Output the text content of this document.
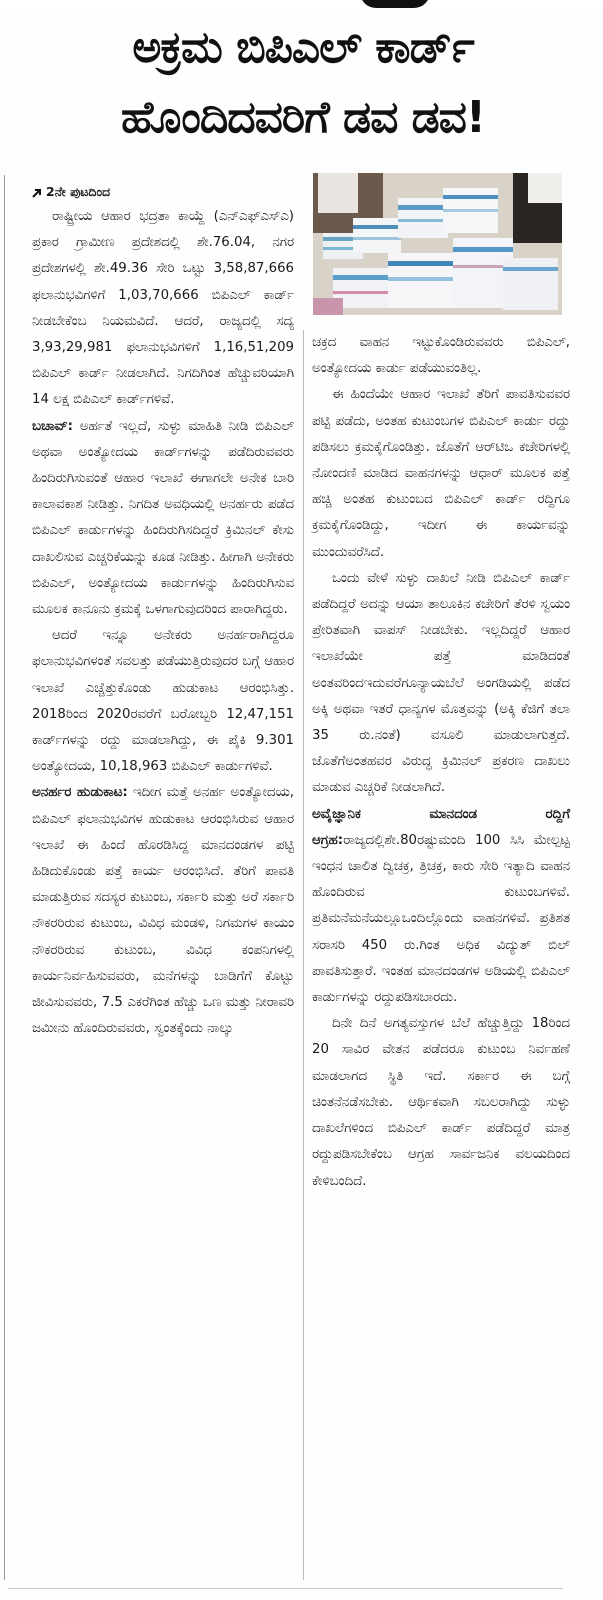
ಅಕ್ರಮ ಬಿಪಿಎಲ್ ಕಾರ್ಡ್
ಹೊಂದಿದವರಿಗೆ ಡವ ಡವ!
2ನೇ ಪುಟದಿಂದ

ರಾಷ್ಟ್ರೀಯ ಆಹಾರ ಭದ್ರತಾ ಕಾಯ್ದೆ (ಎನ್‌ಎಫ್‌ಎಸ್‌ಎ) ಪ್ರಕಾರ ಗ್ರಾಮೀಣ ಪ್ರದೇಶದಲ್ಲಿ ಶೇ.76.04, ನಗರ ಪ್ರದೇಶಗಳಲ್ಲಿ ಶೇ.49.36 ಸೇರಿ ಒಟ್ಟು 3,58,87,666 ಫಲಾನುಭವಿಗಳಿಗೆ 1,03,70,666 ಬಿಪಿಎಲ್ ಕಾರ್ಡ್ ನೀಡಬೇಕೆಂಬ ನಿಯಮವಿದೆ. ಆದರೆ, ರಾಜ್ಯದಲ್ಲಿ ಸದ್ಯ 3,93,29,981 ಫಲಾನುಭವಿಗಳಿಗೆ 1,16,51,209 ಬಿಪಿಎಲ್ ಕಾರ್ಡ್ ನೀಡಲಾಗಿದೆ. ನಿಗದಿಗಿಂತ ಹೆಚ್ಚುವರಿಯಾಗಿ 14 ಲಕ್ಷ ಬಿಪಿಎಲ್ ಕಾರ್ಡ್‌ಗಳಿವೆ.

ಬಚಾವ್: ಅರ್ಹತೆ ಇಲ್ಲದೆ, ಸುಳ್ಳು ಮಾಹಿತಿ ನೀಡಿ ಬಿಪಿಎಲ್ ಅಥವಾ ಅಂತ್ಯೋದಯ ಕಾರ್ಡ್‌ಗಳನ್ನು ಪಡೆದಿರುವವರು ಹಿಂದಿರುಗಿಸುವಂತೆ ಆಹಾರ ಇಲಾಖೆ ಈಗಾಗಲೇ ಅನೇಕ ಬಾರಿ ಕಾಲಾವಕಾಶ ನೀಡಿತ್ತು. ನಿಗದಿತ ಅವಧಿಯಲ್ಲಿ ಅನರ್ಹರು ಪಡೆದ ಬಿಪಿಎಲ್ ಕಾರ್ಡುಗಳನ್ನು ಹಿಂದಿರುಗಿಸದಿದ್ದರೆ ಕ್ರಿಮಿನಲ್ ಕೇಸು ದಾಖಲಿಸುವ ಎಚ್ಚರಿಕೆಯನ್ನು ಕೂಡ ನೀಡಿತ್ತು. ಹೀಗಾಗಿ ಅನೇಕರು ಬಿಪಿಎಲ್, ಅಂತ್ಯೋದಯ ಕಾರ್ಡುಗಳನ್ನು ಹಿಂದಿರುಗಿಸುವ ಮೂಲಕ ಕಾನೂನು ಕ್ರಮಕ್ಕೆ ಒಳಗಾಗುವುದರಿಂದ ಪಾರಾಗಿದ್ದರು.

ಆದರೆ ಇನ್ನೂ ಅನೇಕರು ಅನರ್ಹರಾಗಿದ್ದರೂ ಫಲಾನುಭವಿಗಳಂತೆ ಸವಲತ್ತು ಪಡೆಯುತ್ತಿರುವುದರ ಬಗ್ಗೆ ಆಹಾರ ಇಲಾಖೆ ಎಚ್ಚೆತ್ತುಕೊಂಡು ಹುಡುಕಾಟ ಆರಂಭಿಸಿತ್ತು. 2018ರಿಂದ 2020ರವರೆಗೆ ಬರೋಬ್ಬರಿ 12,47,151 ಕಾರ್ಡ್‌ಗಳನ್ನು ರದ್ದು ಮಾಡಲಾಗಿದ್ದು, ಈ ಪೈಕಿ 9.301 ಅಂತ್ಯೋದಯ, 10,18,963 ಬಿಪಿಎಲ್ ಕಾರ್ಡುಗಳಿವೆ.

ಅನರ್ಹರ ಹುಡುಕಾಟ: ಇದೀಗ ಮತ್ತೆ ಅನರ್ಹ ಅಂತ್ಯೋದಯ, ಬಿಪಿಎಲ್ ಫಲಾನುಭವಿಗಳ ಹುಡುಕಾಟ ಆರಂಭಿಸಿರುವ ಆಹಾರ ಇಲಾಖೆ ಈ ಹಿಂದೆ ಹೊರಡಿಸಿದ್ದ ಮಾನದಂಡಗಳ ಪಟ್ಟಿ ಹಿಡಿದುಕೊಂಡು ಪತ್ತೆ ಕಾರ್ಯ ಆರಂಭಿಸಿದೆ. ತೆರಿಗೆ ಪಾವತಿ ಮಾಡುತ್ತಿರುವ ಸದಸ್ಯರ ಕುಟುಂಬ, ಸರ್ಕಾರಿ ಮತ್ತು ಅರೆ ಸರ್ಕಾರಿ ನೌಕರರಿರುವ ಕುಟುಂಬ, ವಿವಿಧ ಮಂಡಳಿ, ನಿಗಮಗಳ ಕಾಯಂ ನೌಕರರಿರುವ ಕುಟುಂಬ, ವಿವಿಧ ಕಂಪನಿಗಳಲ್ಲಿ ಕಾರ್ಯನಿರ್ವಹಿಸುವವರು, ಮನೆಗಳನ್ನು ಬಾಡಿಗೆಗೆ ಕೊಟ್ಟು ಜೀವಿಸುವವರು, 7.5 ಎಕರೆಗಿಂತ ಹೆಚ್ಚು ಒಣ ಮತ್ತು ನೀರಾವರಿ ಜಮೀನು ಹೊಂದಿರುವವರು, ಸ್ವಂತಕ್ಕೆಂದು ನಾಲ್ಕು

ಚಕ್ರದ ವಾಹನ ಇಟ್ಟುಕೊಂಡಿರುವವರು ಬಿಪಿಎಲ್, ಅಂತ್ಯೋದಯ ಕಾರ್ಡು ಪಡೆಯುವಂತಿಲ್ಲ.

ಈ ಹಿಂದೆಯೇ ಆಹಾರ ಇಲಾಖೆ ತೆರಿಗೆ ಪಾವತಿಸುವವರ ಪಟ್ಟಿ ಪಡೆದು, ಅಂತಹ ಕುಟುಂಬಗಳ ಬಿಪಿಎಲ್ ಕಾರ್ಡು ರದ್ದು ಪಡಿಸಲು ಕ್ರಮಕೈಗೊಂಡಿತ್ತು. ಜೊತೆಗೆ ಆರ್‌ಟಿಒ ಕಚೇರಿಗಳಲ್ಲಿ ನೋಂದಣಿ ಮಾಡಿದ ವಾಹನಗಳನ್ನು ಆಧಾರ್ ಮೂಲಕ ಪತ್ತೆ ಹಚ್ಚಿ ಅಂತಹ ಕುಟುಂಬದ ಬಿಪಿಎಲ್ ಕಾರ್ಡ್ ರದ್ದಿಗೂ ಕ್ರಮಕೈಗೊಂಡಿದ್ದು, ಇದೀಗ ಈ ಕಾರ್ಯವನ್ನು ಮುಂದುವರೆಸಿದೆ.

ಒಂದು ವೇಳೆ ಸುಳ್ಳು ದಾಖಲೆ ನೀಡಿ ಬಿಪಿಎಲ್ ಕಾರ್ಡ್ ಪಡೆದಿದ್ದರೆ ಅದನ್ನು ಆಯಾ ತಾಲೂಕಿನ ಕಚೇರಿಗೆ ತೆರಳಿ ಸ್ವಯಂ ಪ್ರೇರಿತವಾಗಿ ವಾಪಸ್ ನೀಡಬೇಕು. ಇಲ್ಲದಿದ್ದರೆ ಆಹಾರ ಇಲಾಖೆಯೇ ಪತ್ತೆ ಮಾಡಿದಂತೆ ಅಂತವರಿಂದಇದುವರೆಗೂನ್ಯಾಯಬೆಲೆ ಅಂಗಡಿಯಲ್ಲಿ ಪಡೆದ ಅಕ್ಕಿ ಅಥವಾ ಇತರೆ ಧಾನ್ಯಗಳ ಮೊತ್ತವನ್ನು (ಅಕ್ಕಿ ಕೆಜಿಗೆ ತಲಾ 35 ರು.ನಂತೆ) ವಸೂಲಿ ಮಾಡುಲಾಗುತ್ತದೆ. ಜೊತೆಗೆಅಂತಹವರ ವಿರುದ್ಧ ಕ್ರಿಮಿನಲ್ ಪ್ರಕರಣ ದಾಖಲು ಮಾಡುವ ಎಚ್ಚರಿಕೆ ನೀಡಲಾಗಿದೆ.

ಅವೈಜ್ಞಾನಿಕ ಮಾನದಂಡ ರದ್ದಿಗೆ ಆಗ್ರಹ:ರಾಜ್ಯದಲ್ಲಿಶೇ.80ರಷ್ಟುಮಂದಿ 100 ಸಿಸಿ ಮೇಲ್ಪಟ್ಟ ಇಂಧನ ಚಾಲಿತ ದ್ವಿಚಕ್ರ, ತ್ರಿಚಕ್ರ, ಕಾರು ಸೇರಿ ಇತ್ಯಾದಿ ವಾಹನ ಹೊಂದಿರುವ ಕುಟುಂಬಗಳಿವೆ. ಪ್ರತಿಮನೆಮನೆಯಲ್ಲೂಒಂದಿಲ್ಲೊಂದು ವಾಹನಗಳಿವೆ. ಪ್ರತಿಶತ ಸರಾಸರಿ 450 ರು.ಗಿಂತ ಅಧಿಕ ವಿದ್ಯುತ್ ಬಿಲ್ ಪಾವತಿಸುತ್ತಾರೆ. ಇಂತಹ ಮಾನದಂಡಗಳ ಅಡಿಯಲ್ಲಿ ಬಿಪಿಎಲ್ ಕಾರ್ಡುಗಳನ್ನು ರದ್ದುಪಡಿಸಬಾರದು.

ದಿನೇ ದಿನೆ ಅಗತ್ಯವಸ್ತುಗಳ ಬೆಲೆ ಹೆಚ್ಚುತ್ತಿದ್ದು 18ರಿಂದ 20 ಸಾವಿರ ವೇತನ ಪಡೆದರೂ ಕುಟುಂಬ ನಿರ್ವಹಣೆ ಮಾಡಲಾಗದ ಸ್ಥಿತಿ ಇದೆ. ಸರ್ಕಾರ ಈ ಬಗ್ಗೆ ಚಿಂತನೆನಡೆಸಬೇಕು. ಆರ್ಥಿಕವಾಗಿ ಸಬಲರಾಗಿದ್ದು ಸುಳ್ಳು ದಾಖಲೆಗಳಿಂದ ಬಿಪಿಎಲ್ ಕಾರ್ಡ್ ಪಡೆದಿದ್ದರೆ ಮಾತ್ರ ರದ್ದುಪಡಿಸಬೇಕೆಂಬ ಆಗ್ರಹ ಸಾರ್ವಜನಿಕ ವಲಯದಿಂದ ಕೇಳಿಬಂದಿದೆ.
